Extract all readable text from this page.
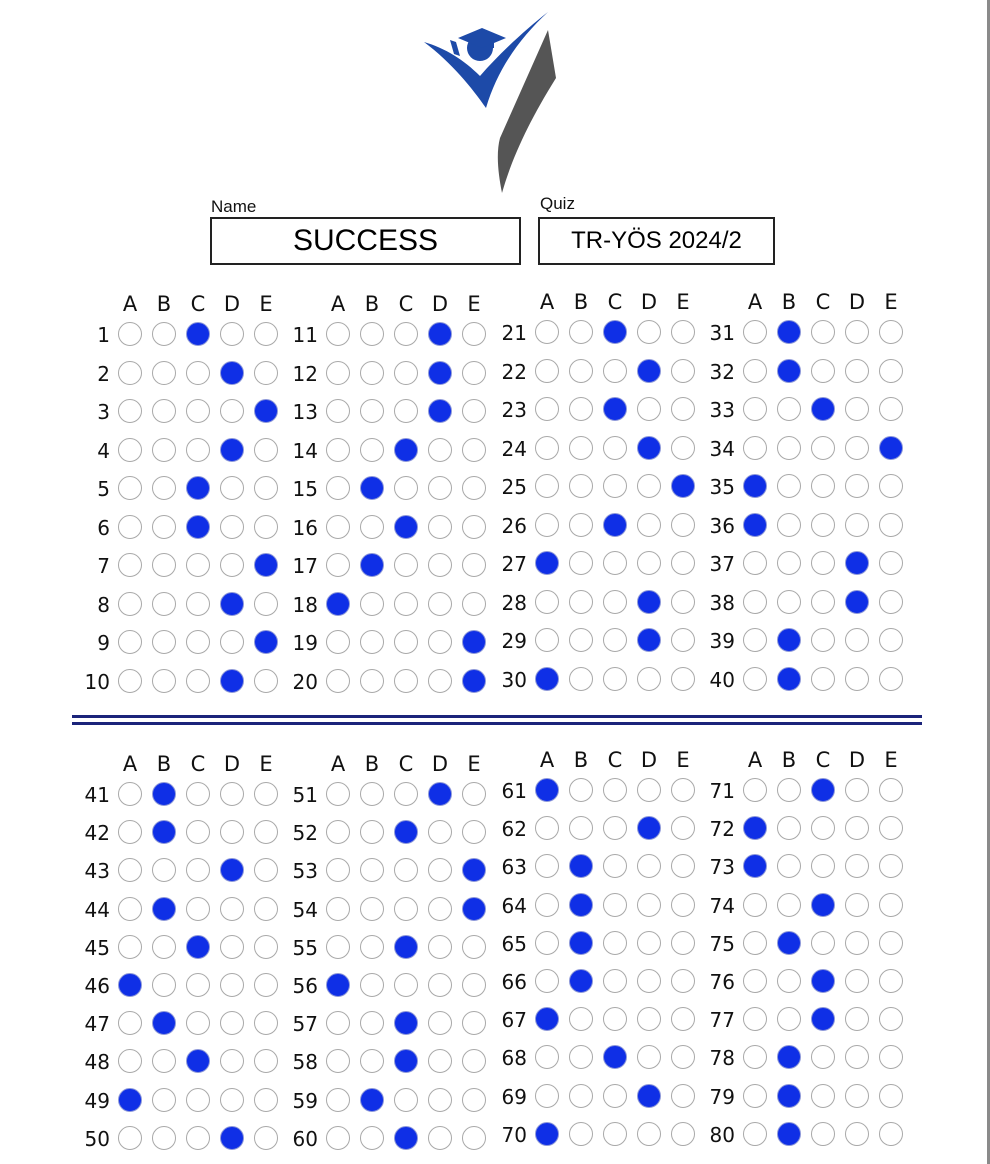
Name
SUCCESS
Quiz
TR-YÖS 2024/2
A B C D E
1
2
3
4
5
6
7
8
9
10
A B C D E
11
12
13
14
15
16
17
18
19
20
A B C D E
21
22
23
24
25
26
27
28
29
30
A B C D E
31
32
33
34
35
36
37
38
39
40
A B C D E
41
42
43
44
45
46
47
48
49
50
A B C D E
51
52
53
54
55
56
57
58
59
60
A B C D E
61
62
63
64
65
66
67
68
69
70
A B C D E
71
72
73
74
75
76
77
78
79
80
